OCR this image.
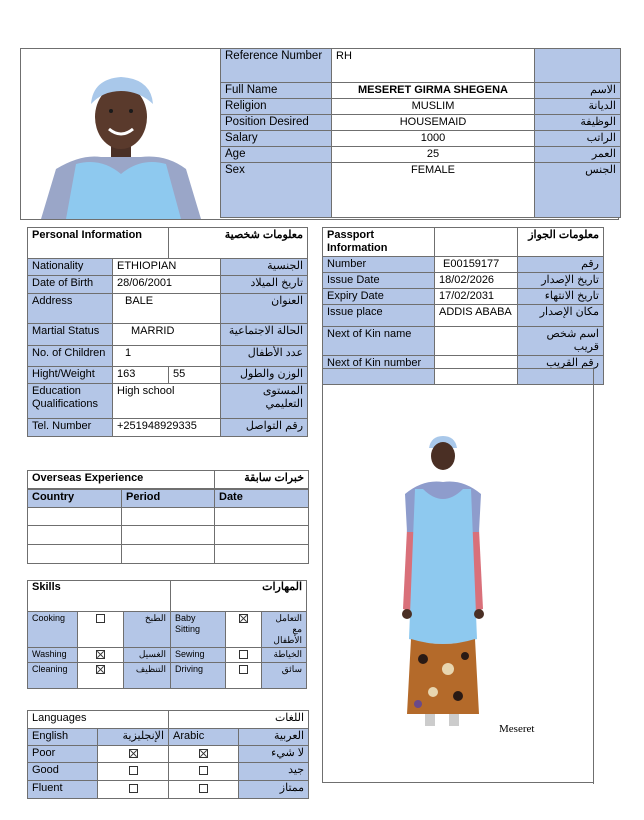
Reference Number	RH	
Full Name	MESERET GIRMA SHEGENA	الاسم
Religion	MUSLIM	الديانة
Position Desired	HOUSEMAID	الوظيفة
Salary	1000	الراتب
Age	25	العمر
Sex	FEMALE	الجنس
Personal Information		معلومات شخصية	
Nationality	ETHIOPIAN		الجنسية
Date of Birth	28/06/2001		تاريخ الميلاد
Address	BALE		العنوان
Martial Status	MARRID		الحالة الاجتماعية
No. of Children	1		عدد الأطفال
Hight/Weight	163	55	الوزن والطول
Education Qualifications	High school		المستوى التعليمي
Tel. Number	+251948929335		رقم التواصل
Passport Information		معلومات الجواز
Number	E00159177	رقم
Issue Date	18/02/2026	تاريخ الإصدار
Expiry Date	17/02/2031	تاريخ الانتهاء
Issue place	ADDIS ABABA	مكان الإصدار
Next of Kin name		اسم شخص قريب
Next of Kin number		رقم القريب
Meseret
Overseas Experience		خبرات سابقة
Country	Period	Date

Skills			المهارات		
Cooking		الطبخ	Baby Sitting		التعامل مع الأطفال
Washing		الغسيل	Sewing		الخياطة
Cleaning		التنظيف	Driving		سائق
Languages		اللغات	
English	الإنجليزية	Arabic	العربية
Poor			لا شيء
Good			جيد
Fluent			ممتاز
